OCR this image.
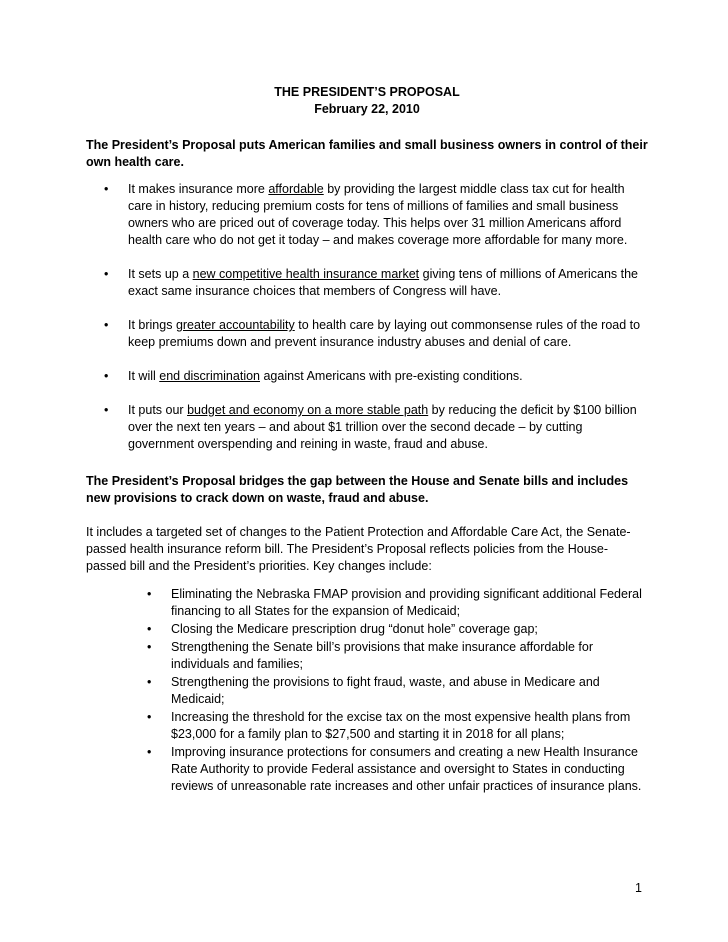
THE PRESIDENT’S PROPOSAL
February 22, 2010

The President’s Proposal puts American families and small business owners in control of their own health care.

• It makes insurance more affordable by providing the largest middle class tax cut for health care in history, reducing premium costs for tens of millions of families and small business owners who are priced out of coverage today. This helps over 31 million Americans afford health care who do not get it today – and makes coverage more affordable for many more.
• It sets up a new competitive health insurance market giving tens of millions of Americans the exact same insurance choices that members of Congress will have.
• It brings greater accountability to health care by laying out commonsense rules of the road to keep premiums down and prevent insurance industry abuses and denial of care.
• It will end discrimination against Americans with pre-existing conditions.
• It puts our budget and economy on a more stable path by reducing the deficit by $100 billion over the next ten years – and about $1 trillion over the second decade – by cutting government overspending and reining in waste, fraud and abuse.

The President’s Proposal bridges the gap between the House and Senate bills and includes new provisions to crack down on waste, fraud and abuse.

It includes a targeted set of changes to the Patient Protection and Affordable Care Act, the Senate-passed health insurance reform bill. The President’s Proposal reflects policies from the House-passed bill and the President’s priorities. Key changes include:

• Eliminating the Nebraska FMAP provision and providing significant additional Federal financing to all States for the expansion of Medicaid;
• Closing the Medicare prescription drug “donut hole” coverage gap;
• Strengthening the Senate bill’s provisions that make insurance affordable for individuals and families;
• Strengthening the provisions to fight fraud, waste, and abuse in Medicare and Medicaid;
• Increasing the threshold for the excise tax on the most expensive health plans from $23,000 for a family plan to $27,500 and starting it in 2018 for all plans;
• Improving insurance protections for consumers and creating a new Health Insurance Rate Authority to provide Federal assistance and oversight to States in conducting reviews of unreasonable rate increases and other unfair practices of insurance plans.
1
